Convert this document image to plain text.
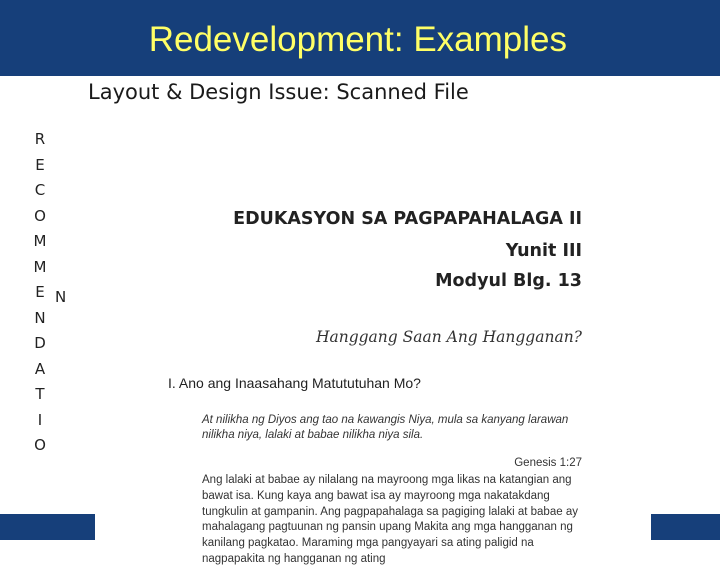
Redevelopment: Examples
Layout & Design Issue: Scanned File
R
E
C
O
M
M
E
N
D
A
T
I
O
N
EDUKASYON SA PAGPAPAHALAGA II
Yunit III
Modyul Blg. 13
Hanggang Saan Ang Hangganan?
I. Ano ang Inaasahang Matututuhan Mo?
At nilikha ng Diyos ang tao na kawangis Niya, mula sa kanyang larawan nilikha niya, lalaki at babae nilikha niya sila.
Genesis 1:27
Ang lalaki at babae ay nilalang na mayroong mga likas na katangian ang bawat isa. Kung kaya ang bawat isa ay mayroong mga nakatakdang tungkulin at gampanin. Ang pagpapahalaga sa pagiging lalaki at babae ay mahalagang pagtuunan ng pansin upang Makita ang mga hangganan ng kanilang pagkatao. Maraming mga pangyayari sa ating paligid na nagpapakita ng hangganan ng ating
